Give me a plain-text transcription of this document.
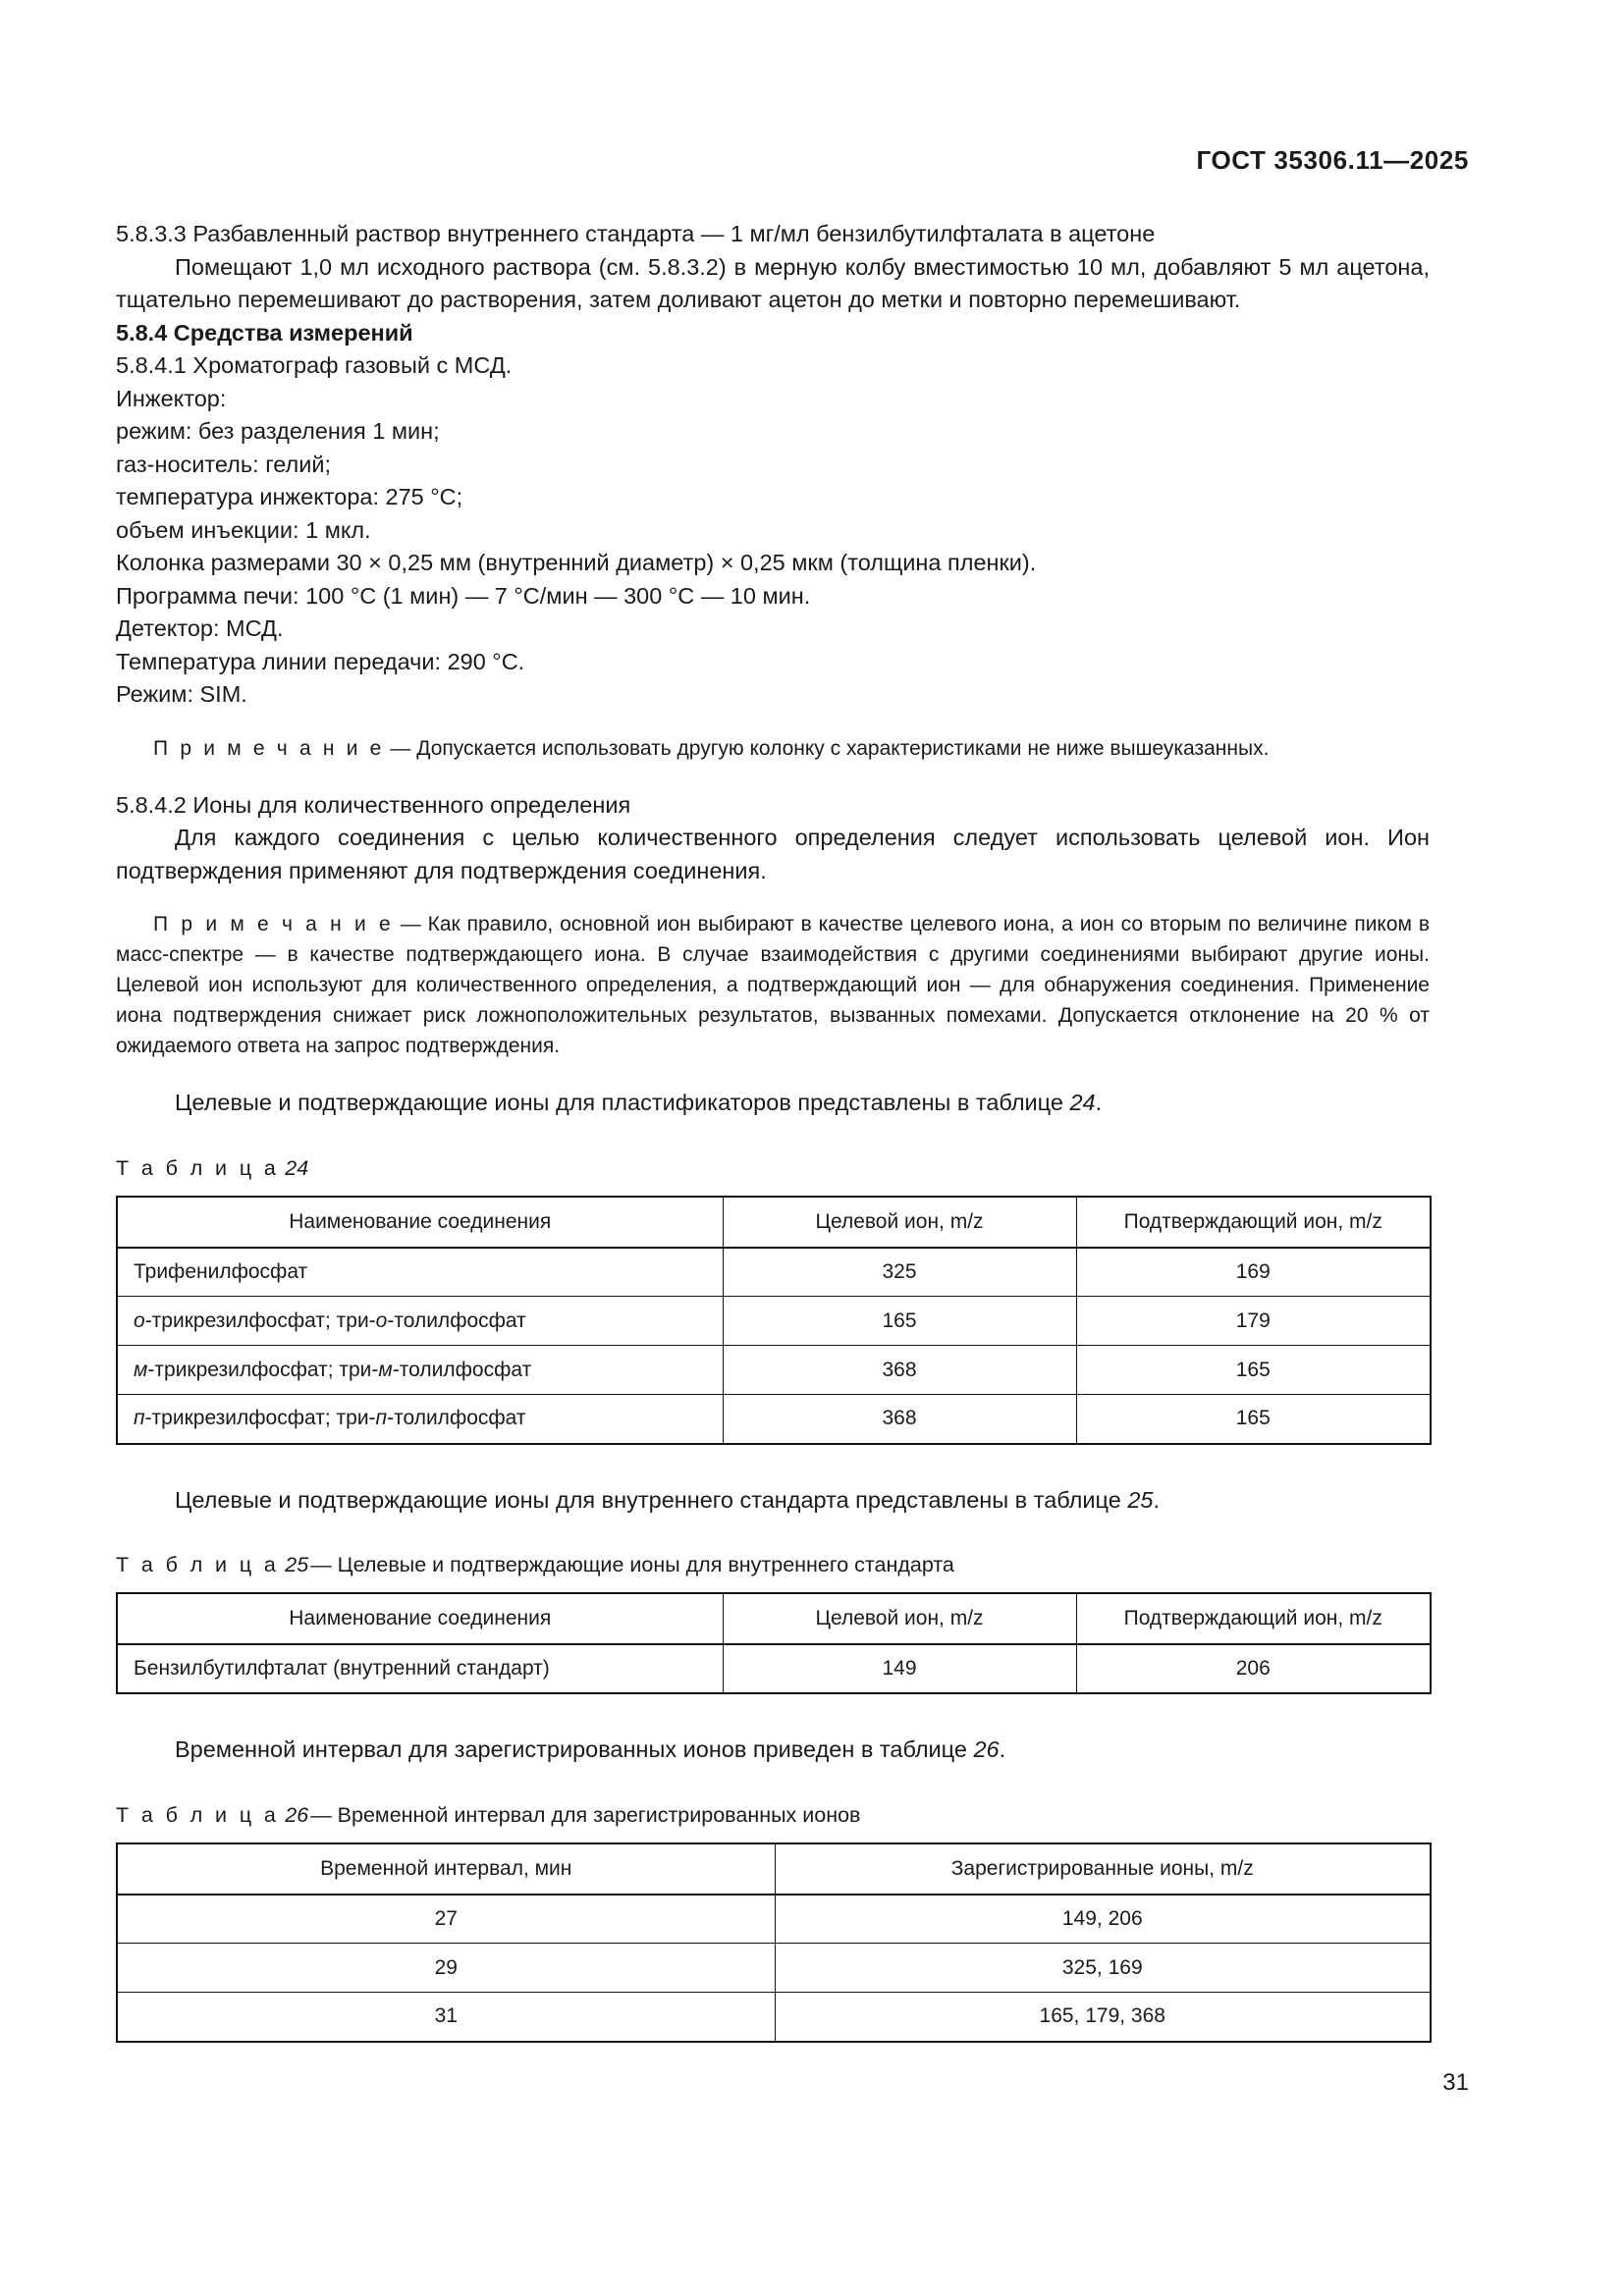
ГОСТ 35306.11—2025

5.8.3.3 Разбавленный раствор внутреннего стандарта — 1 мг/мл бензилбутилфталата в ацетоне

Помещают 1,0 мл исходного раствора (см. 5.8.3.2) в мерную колбу вместимостью 10 мл, добавляют 5 мл ацетона, тщательно перемешивают до растворения, затем доливают ацетон до метки и повторно перемешивают.

5.8.4 Средства измерений

5.8.4.1 Хроматограф газовый с МСД.

Инжектор:

режим: без разделения 1 мин;

газ-носитель: гелий;

температура инжектора: 275 °C;

объем инъекции: 1 мкл.

Колонка размерами 30 × 0,25 мм (внутренний диаметр) × 0,25 мкм (толщина пленки).

Программа печи: 100 °C (1 мин) — 7 °C/мин — 300 °C — 10 мин.

Детектор: МСД.

Температура линии передачи: 290 °C.

Режим: SIM.

П р и м е ч а н и е — Допускается использовать другую колонку с характеристиками не ниже вышеуказанных.

5.8.4.2 Ионы для количественного определения

Для каждого соединения с целью количественного определения следует использовать целевой ион. Ион подтверждения применяют для подтверждения соединения.

П р и м е ч а н и е — Как правило, основной ион выбирают в качестве целевого иона, а ион со вторым по величине пиком в масс-спектре — в качестве подтверждающего иона. В случае взаимодействия с другими соединениями выбирают другие ионы. Целевой ион используют для количественного определения, а подтверждающий ион — для обнаружения соединения. Применение иона подтверждения снижает риск ложноположительных результатов, вызванных помехами. Допускается отклонение на 20 % от ожидаемого ответа на запрос подтверждения.

Целевые и подтверждающие ионы для пластификаторов представлены в таблице 24.

Т а б л и ц а 24

Наименование соединения	Целевой ион, m/z	Подтверждающий ион, m/z
Трифенилфосфат	325	169
о-трикрезилфосфат; три-о-толилфосфат	165	179
м-трикрезилфосфат; три-м-толилфосфат	368	165
п-трикрезилфосфат; три-п-толилфосфат	368	165

Целевые и подтверждающие ионы для внутреннего стандарта представлены в таблице 25.

Т а б л и ц а 25— Целевые и подтверждающие ионы для внутреннего стандарта

Наименование соединения	Целевой ион, m/z	Подтверждающий ион, m/z
Бензилбутилфталат (внутренний стандарт)	149	206

Временной интервал для зарегистрированных ионов приведен в таблице 26.

Т а б л и ц а 26— Временной интервал для зарегистрированных ионов

Временной интервал, мин	Зарегистрированные ионы, m/z
27	149, 206
29	325, 169
31	165, 179, 368
31
